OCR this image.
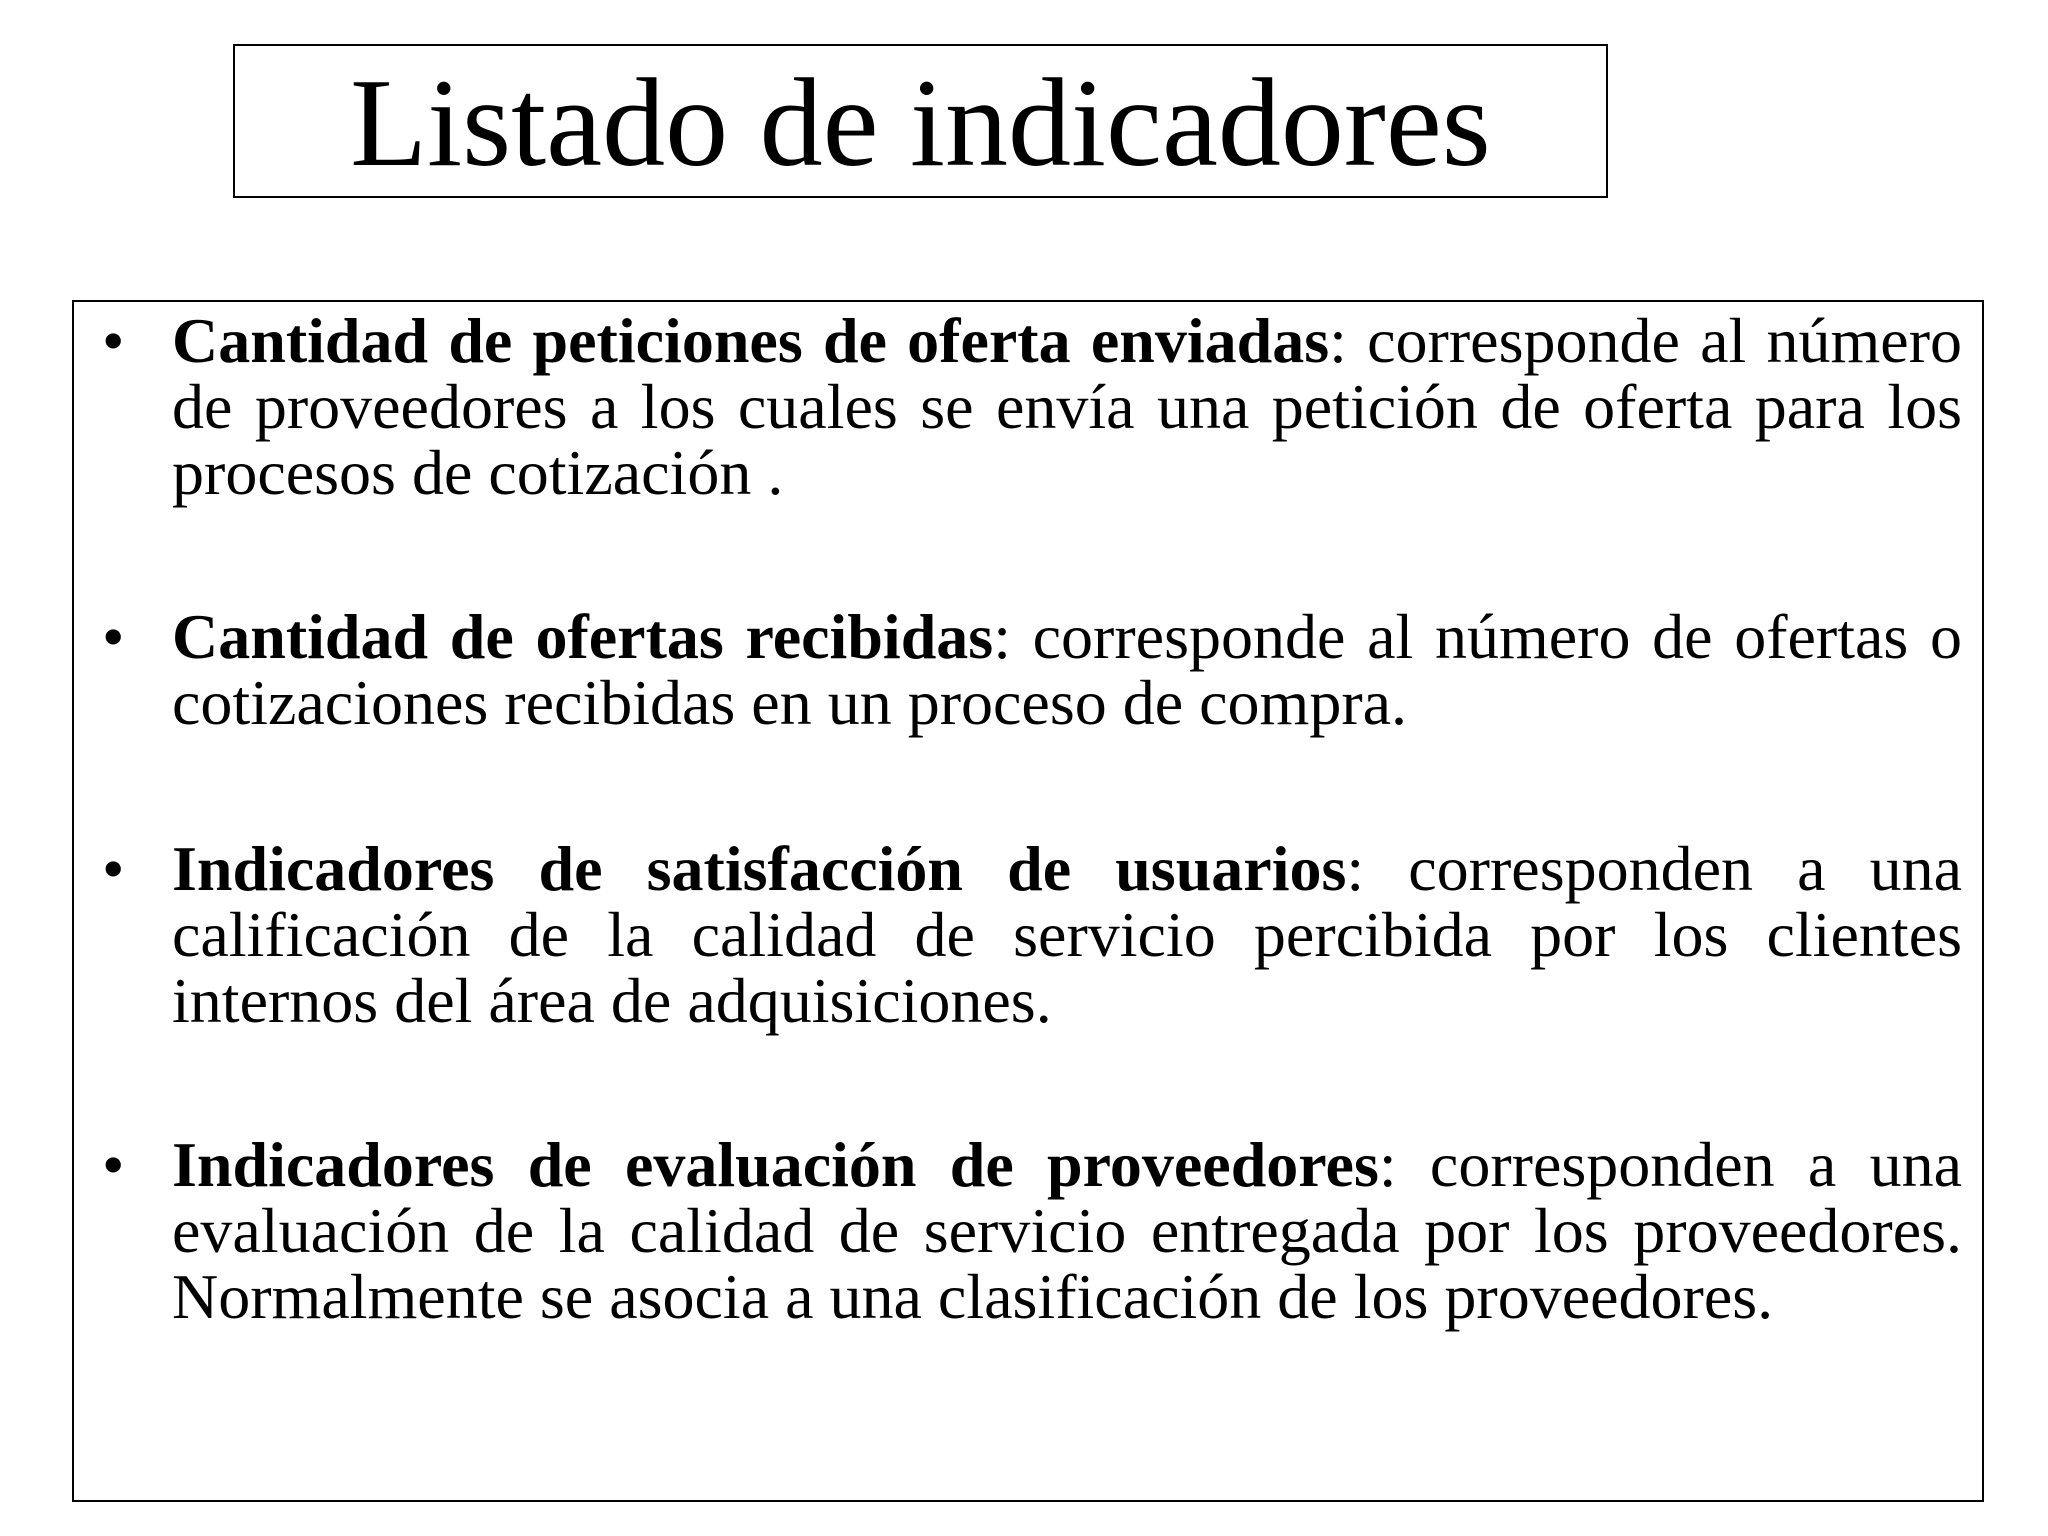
Listado de indicadores
• Cantidad de peticiones de oferta enviadas: corresponde al número de proveedores a los cuales se envía una petición de oferta para los procesos de cotización .

• Cantidad de ofertas recibidas: corresponde al número de ofertas o cotizaciones recibidas en un proceso de compra.

• Indicadores de satisfacción de usuarios: corresponden a una calificación de la calidad de servicio percibida por los clientes internos del área de adquisiciones.

• Indicadores de evaluación de proveedores: corresponden a una evaluación de la calidad de servicio entregada por los proveedores. Normalmente se asocia a una clasificación de los proveedores.
